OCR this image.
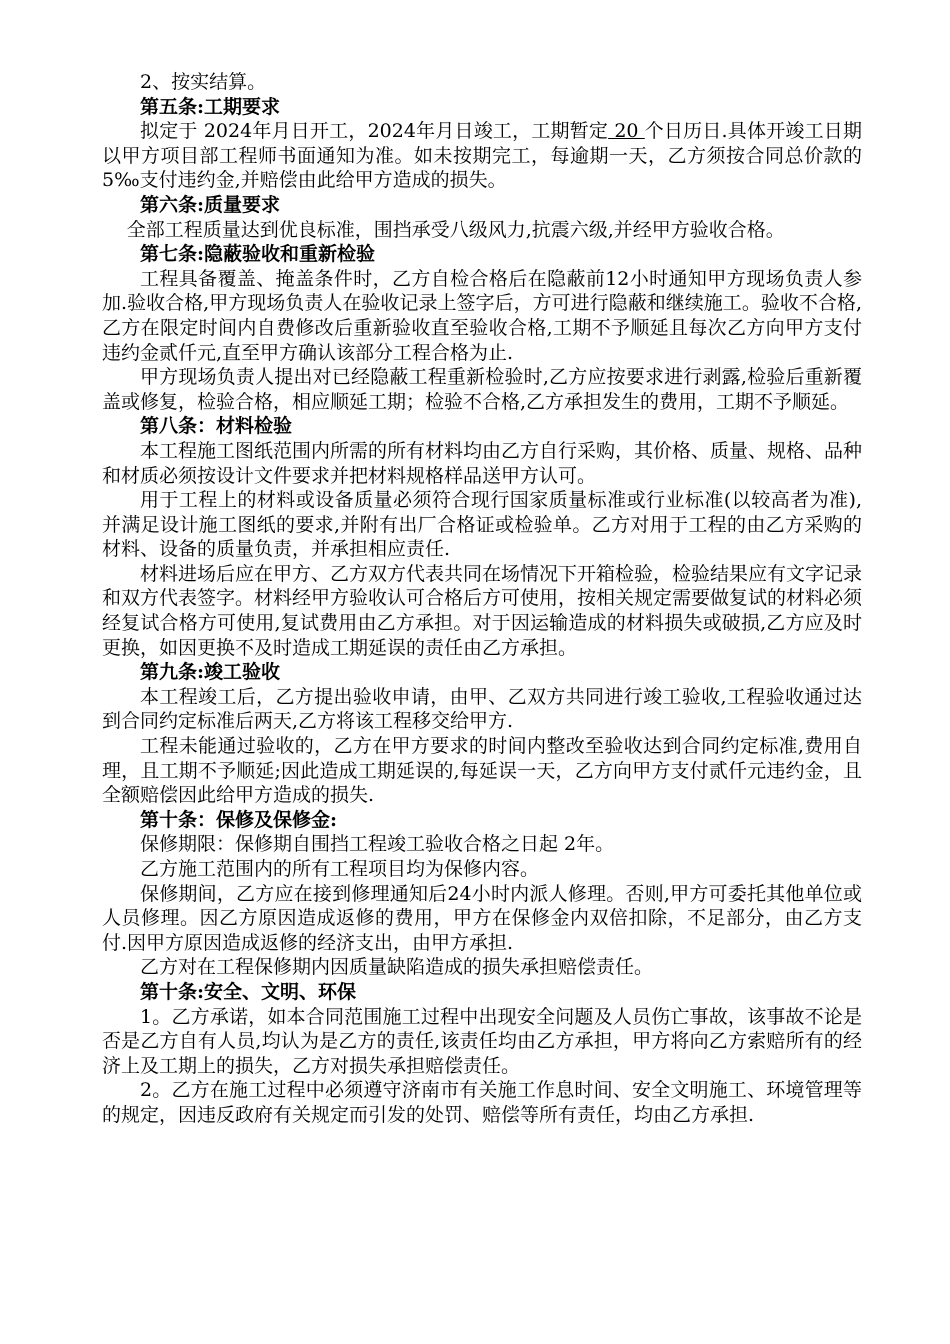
2、按实结算。

第五条:工期要求

拟定于 2024年月日开工，2024年月日竣工，工期暂定 20 个日历日.具体开竣工日期以甲方项目部工程师书面通知为准。如未按期完工，每逾期一天，乙方须按合同总价款的5‰支付违约金,并赔偿由此给甲方造成的损失。

第六条:质量要求

全部工程质量达到优良标准，围挡承受八级风力,抗震六级,并经甲方验收合格。

第七条:隐蔽验收和重新检验

工程具备覆盖、掩盖条件时，乙方自检合格后在隐蔽前12小时通知甲方现场负责人参加.验收合格,甲方现场负责人在验收记录上签字后，方可进行隐蔽和继续施工。验收不合格,乙方在限定时间内自费修改后重新验收直至验收合格,工期不予顺延且每次乙方向甲方支付违约金贰仟元,直至甲方确认该部分工程合格为止.

甲方现场负责人提出对已经隐蔽工程重新检验时,乙方应按要求进行剥露,检验后重新覆盖或修复，检验合格，相应顺延工期；检验不合格,乙方承担发生的费用，工期不予顺延。

第八条：材料检验

本工程施工图纸范围内所需的所有材料均由乙方自行采购，其价格、质量、规格、品种和材质必须按设计文件要求并把材料规格样品送甲方认可。

用于工程上的材料或设备质量必须符合现行国家质量标准或行业标准(以较高者为准),并满足设计施工图纸的要求,并附有出厂合格证或检验单。乙方对用于工程的由乙方采购的材料、设备的质量负责，并承担相应责任.

材料进场后应在甲方、乙方双方代表共同在场情况下开箱检验，检验结果应有文字记录和双方代表签字。材料经甲方验收认可合格后方可使用，按相关规定需要做复试的材料必须经复试合格方可使用,复试费用由乙方承担。对于因运输造成的材料损失或破损,乙方应及时更换，如因更换不及时造成工期延误的责任由乙方承担。

第九条:竣工验收

本工程竣工后，乙方提出验收申请，由甲、乙双方共同进行竣工验收,工程验收通过达到合同约定标准后两天,乙方将该工程移交给甲方.

工程未能通过验收的，乙方在甲方要求的时间内整改至验收达到合同约定标准,费用自理，且工期不予顺延;因此造成工期延误的,每延误一天，乙方向甲方支付贰仟元违约金，且全额赔偿因此给甲方造成的损失.

第十条：保修及保修金:

保修期限：保修期自围挡工程竣工验收合格之日起 2年。

乙方施工范围内的所有工程项目均为保修内容。

保修期间，乙方应在接到修理通知后24小时内派人修理。否则,甲方可委托其他单位或人员修理。因乙方原因造成返修的费用，甲方在保修金内双倍扣除，不足部分，由乙方支付.因甲方原因造成返修的经济支出，由甲方承担.

乙方对在工程保修期内因质量缺陷造成的损失承担赔偿责任。

第十条:安全、文明、环保

1。乙方承诺，如本合同范围施工过程中出现安全问题及人员伤亡事故，该事故不论是否是乙方自有人员,均认为是乙方的责任,该责任均由乙方承担，甲方将向乙方索赔所有的经济上及工期上的损失，乙方对损失承担赔偿责任。

2。乙方在施工过程中必须遵守济南市有关施工作息时间、安全文明施工、环境管理等的规定，因违反政府有关规定而引发的处罚、赔偿等所有责任，均由乙方承担.
